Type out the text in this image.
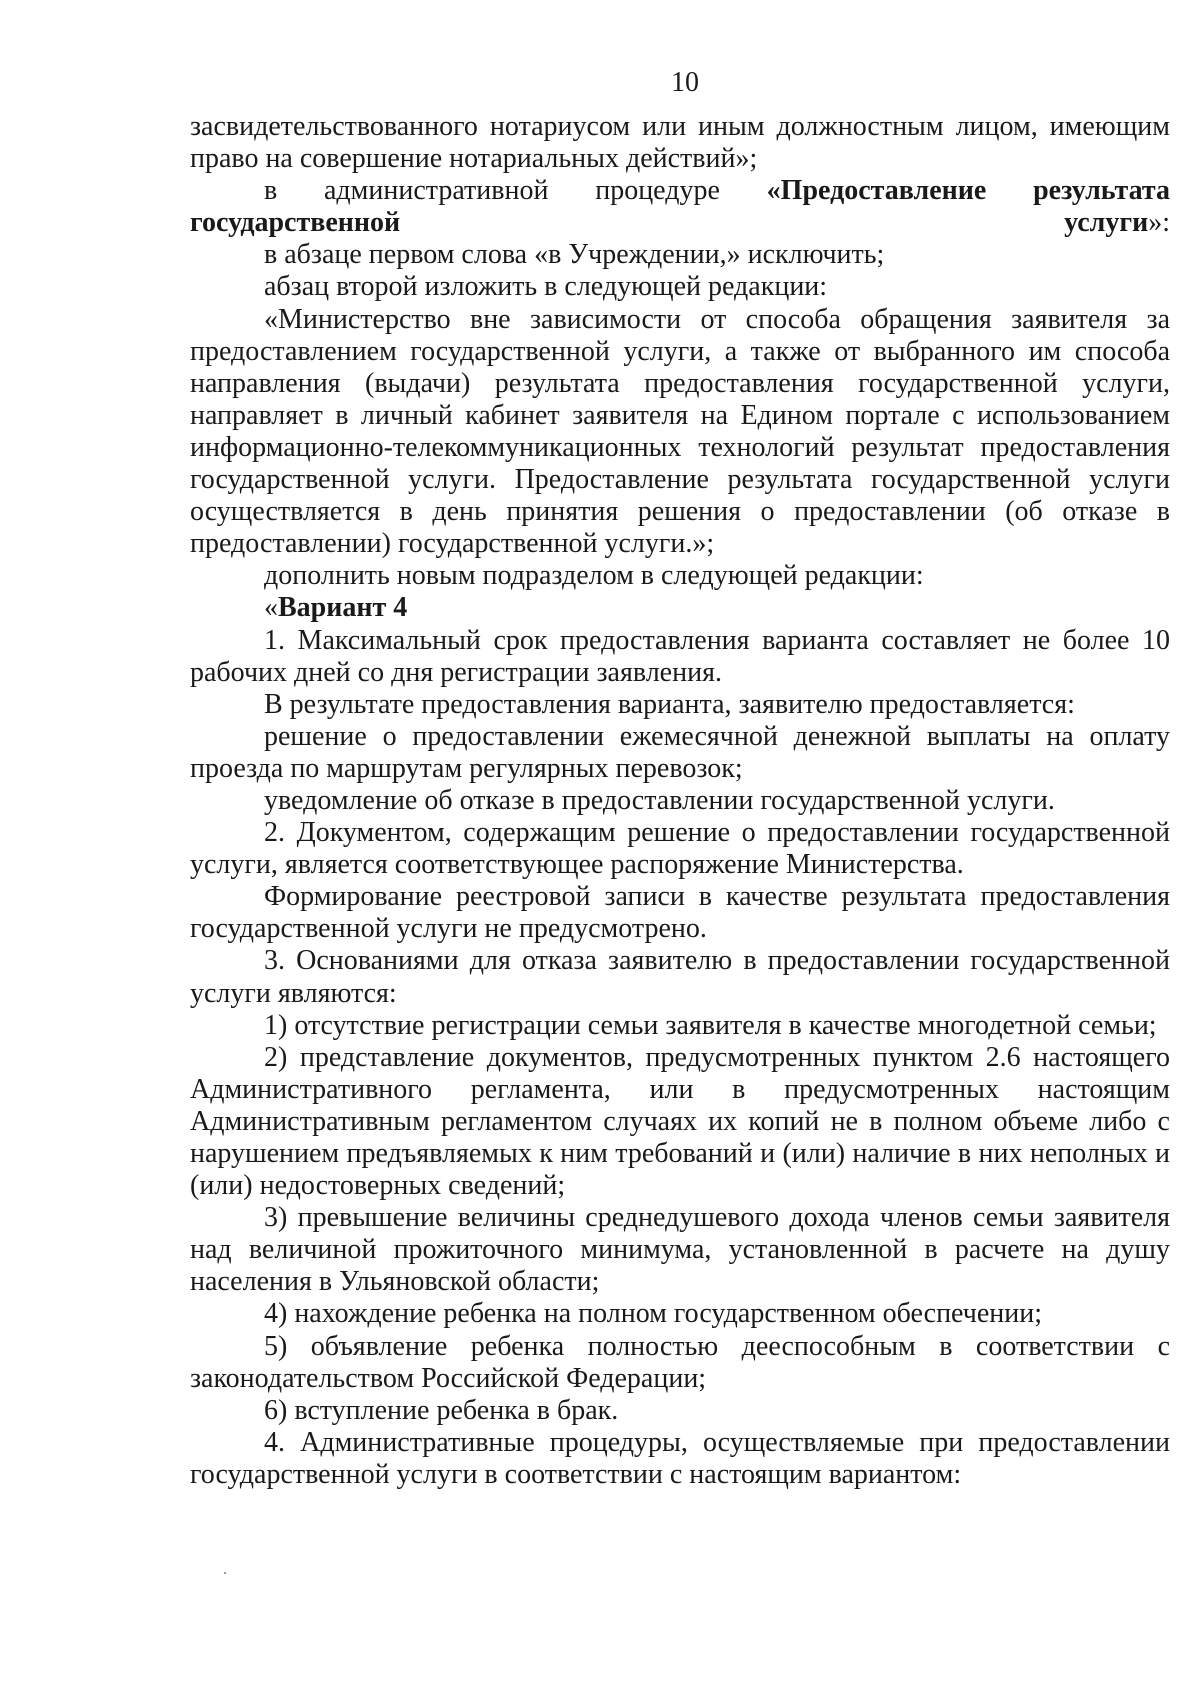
10

засвидетельствованного нотариусом или иным должностным лицом, имеющим право на совершение нотариальных действий»;

в административной процедуре «Предоставление результата государственной услуги»:

в абзаце первом слова «в Учреждении,» исключить;

абзац второй изложить в следующей редакции:

«Министерство вне зависимости от способа обращения заявителя за предоставлением государственной услуги, а также от выбранного им способа направления (выдачи) результата предоставления государственной услуги, направляет в личный кабинет заявителя на Едином портале с использованием информационно-телекоммуникационных технологий результат предоставления государственной услуги. Предоставление результата государственной услуги осуществляется в день принятия решения о предоставлении (об отказе в предоставлении) государственной услуги.»;

дополнить новым подразделом в следующей редакции:

«Вариант 4

1. Максимальный срок предоставления варианта составляет не более 10 рабочих дней со дня регистрации заявления.

В результате предоставления варианта, заявителю предоставляется:

решение о предоставлении ежемесячной денежной выплаты на оплату проезда по маршрутам регулярных перевозок;

уведомление об отказе в предоставлении государственной услуги.

2. Документом, содержащим решение о предоставлении государственной услуги, является соответствующее распоряжение Министерства.

Формирование реестровой записи в качестве результата предоставления государственной услуги не предусмотрено.

3. Основаниями для отказа заявителю в предоставлении государственной услуги являются:

1) отсутствие регистрации семьи заявителя в качестве многодетной семьи;

2) представление документов, предусмотренных пунктом 2.6 настоящего Административного регламента, или в предусмотренных настоящим Административным регламентом случаях их копий не в полном объеме либо с нарушением предъявляемых к ним требований и (или) наличие в них неполных и (или) недостоверных сведений;

3) превышение величины среднедушевого дохода членов семьи заявителя над величиной прожиточного минимума, установленной в расчете на душу населения в Ульяновской области;

4) нахождение ребенка на полном государственном обеспечении;

5) объявление ребенка полностью дееспособным в соответствии с законодательством Российской Федерации;

6) вступление ребенка в брак.

4. Административные процедуры, осуществляемые при предоставлении государственной услуги в соответствии с настоящим вариантом:
